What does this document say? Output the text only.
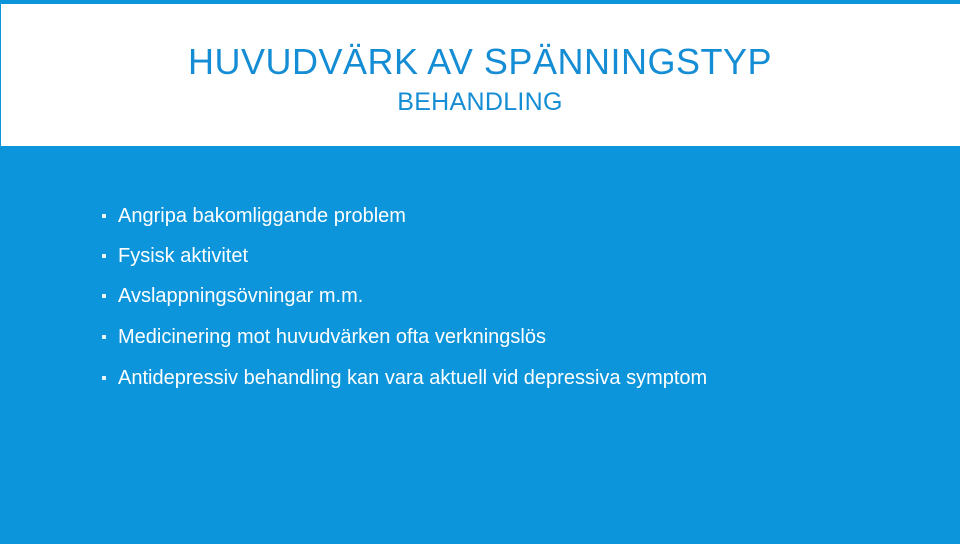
HUVUDVÄRK AV SPÄNNINGSTYP
BEHANDLING
Angripa bakomliggande problem
Fysisk aktivitet
Avslappningsövningar m.m.
Medicinering mot huvudvärken ofta verkningslös
Antidepressiv behandling kan vara aktuell vid depressiva symptom
